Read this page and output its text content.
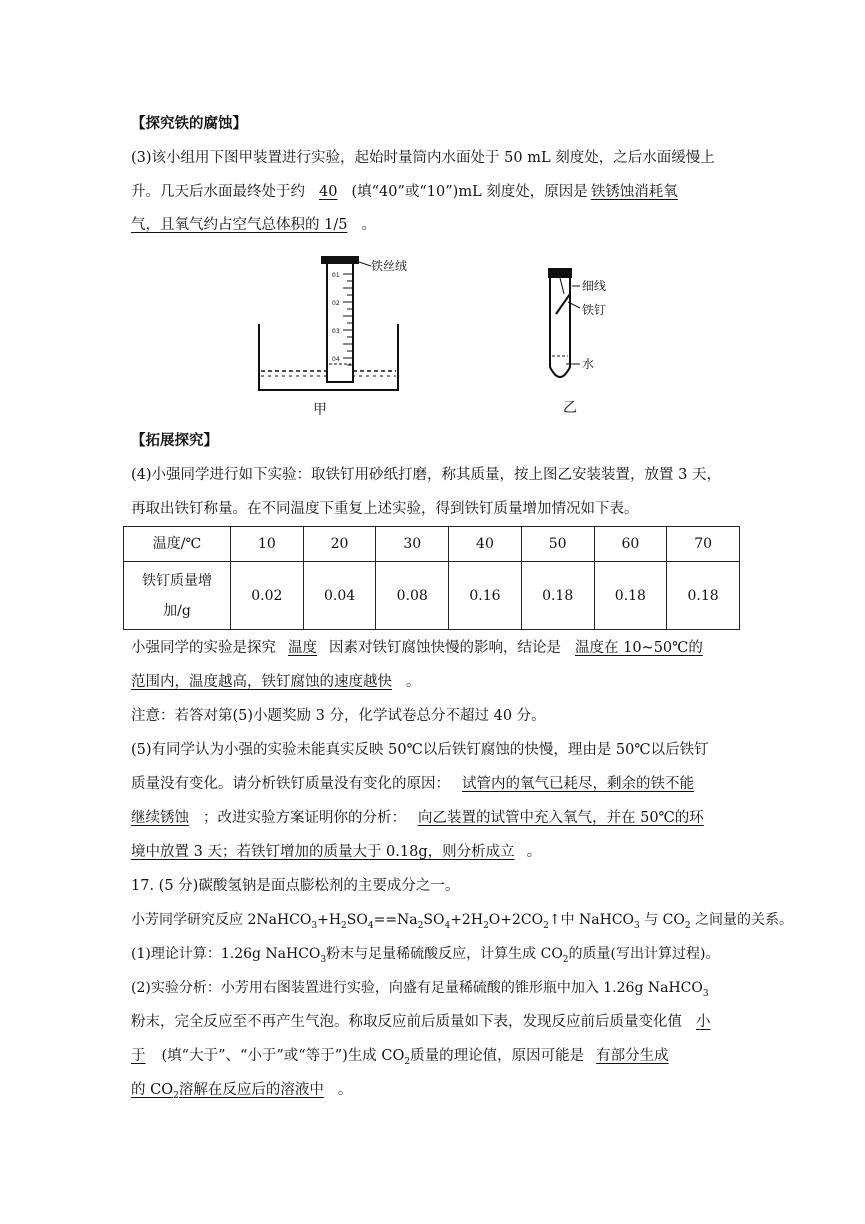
【探究铁的腐蚀】
(3)该小组用下图甲装置进行实验，起始时量筒内水面处于 50 mL 刻度处，之后水面缓慢上
升。几天后水面最终处于约 40 (填“40”或“10”)mL 刻度处，原因是 铁锈蚀消耗氧
气，且氧气约占空气总体积的 1/5 。
01
02
03
04
铁丝绒
甲
细线
铁钉
水
乙
【拓展探究】
(4)小强同学进行如下实验：取铁钉用砂纸打磨，称其质量，按上图乙安装装置，放置 3 天，
再取出铁钉称量。在不同温度下重复上述实验，得到铁钉质量增加情况如下表。
温度/℃	10	20	30	40	50	60	70

铁钉质量增
加/g	0.02	0.04	0.08	0.16	0.18	0.18	0.18
小强同学的实验是探究 温度 因素对铁钉腐蚀快慢的影响，结论是 温度在 10~50℃的
范围内，温度越高，铁钉腐蚀的速度越快 。
注意：若答对第(5)小题奖励 3 分，化学试卷总分不超过 40 分。
(5)有同学认为小强的实验未能真实反映 50℃以后铁钉腐蚀的快慢，理由是 50℃以后铁钉
质量没有变化。请分析铁钉质量没有变化的原因： 试管内的氧气已耗尽，剩余的铁不能
继续锈蚀 ；改进实验方案证明你的分析： 向乙装置的试管中充入氧气，并在 50℃的环
境中放置 3 天；若铁钉增加的质量大于 0.18g，则分析成立 。
17. (5 分)碳酸氢钠是面点膨松剂的主要成分之一。
小芳同学研究反应 $2NaHCO_3+H_2SO_4==Na_2SO_4+2H_2O+2CO_2↑$中 NaHCO$_3$ 与 $CO_2$ 之间量的关系。
(1)理论计算：1.26g NaHCO$_3$粉末与足量稀硫酸反应，计算生成 $CO_2$的质量(写出计算过程)。
(2)实验分析：小芳用右图装置进行实验，向盛有足量稀硫酸的锥形瓶中加入 1.26g NaHCO$_3$
粉末，完全反应至不再产生气泡。称取反应前后质量如下表，发现反应前后质量变化值 小
于 (填“大于”、“小于”或“等于”)生成 $CO_2$质量的理论值，原因可能是 有部分生成
的 $CO_2$溶解在反应后的溶液中 。
